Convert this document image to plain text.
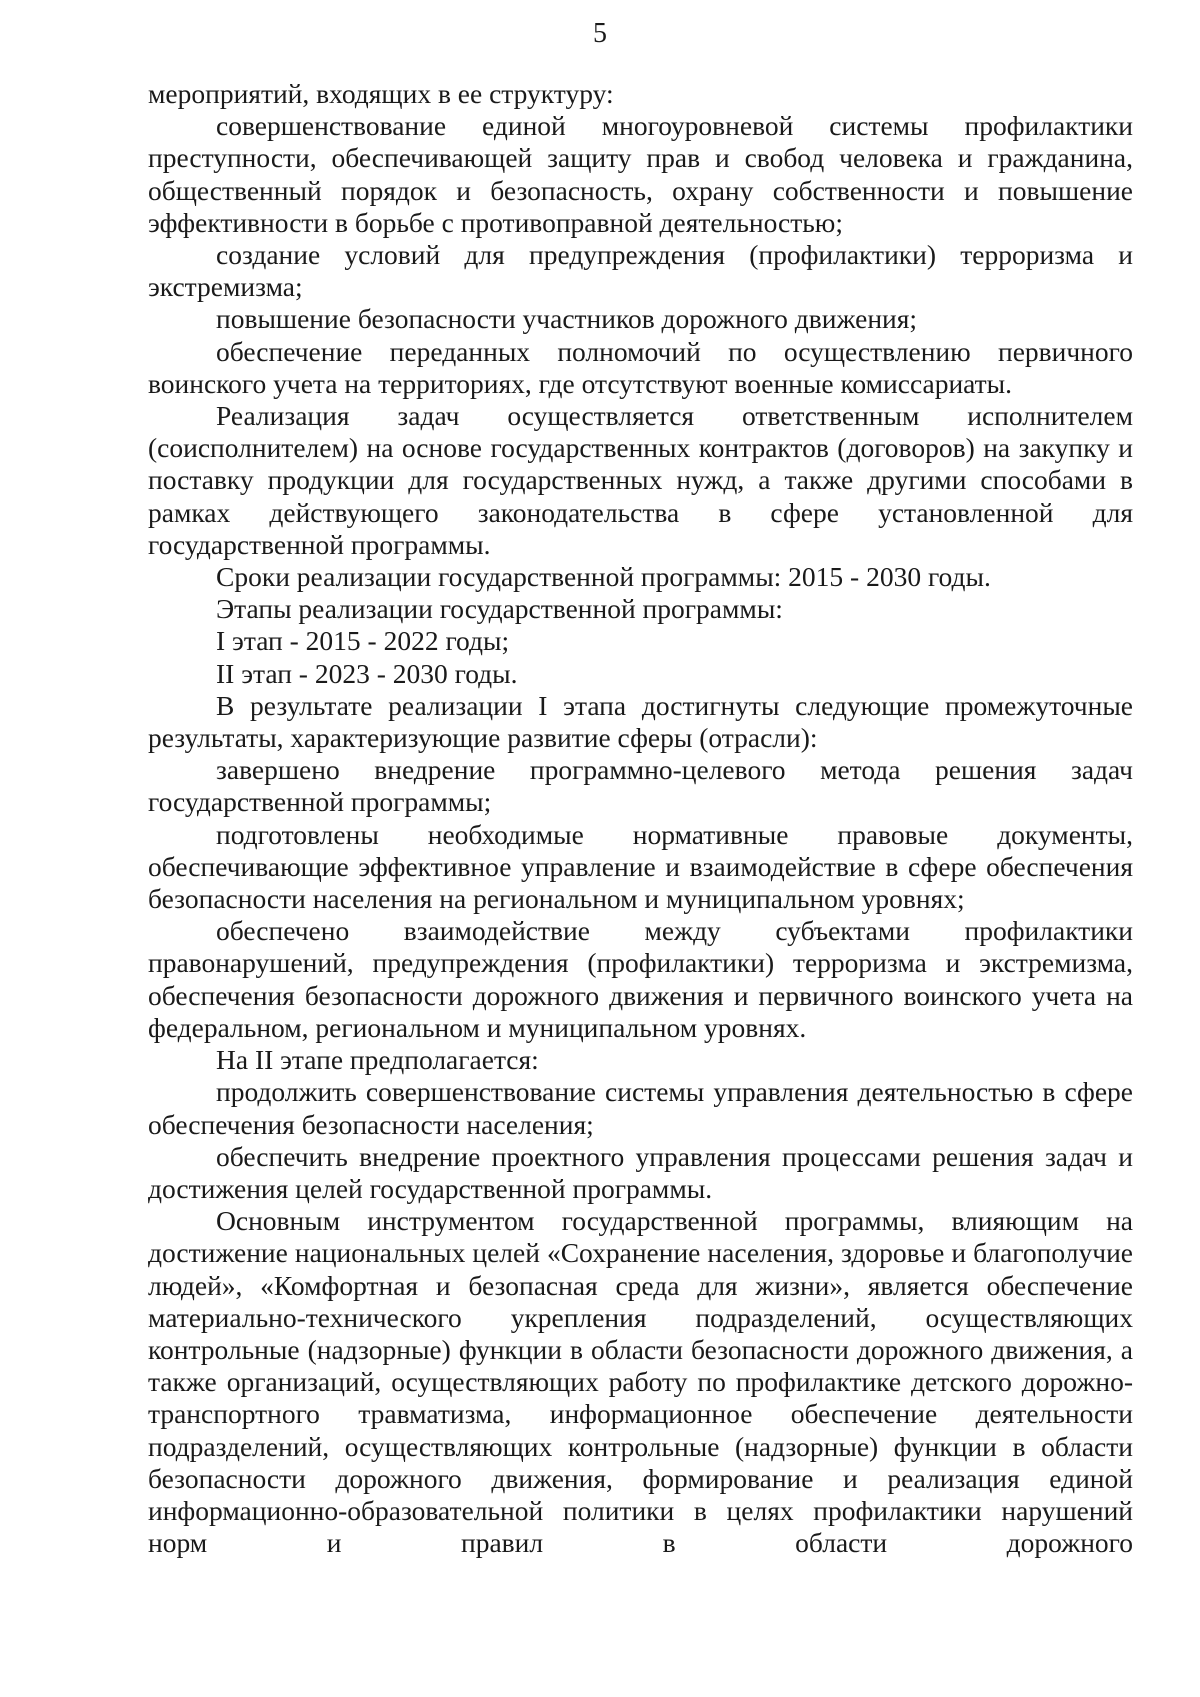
5

мероприятий, входящих в ее структуру:

совершенствование единой многоуровневой системы профилактики преступности, обеспечивающей защиту прав и свобод человека и гражданина, общественный порядок и безопасность, охрану собственности и повышение эффективности в борьбе с противоправной деятельностью;

создание условий для предупреждения (профилактики) терроризма и экстремизма;

повышение безопасности участников дорожного движения;

обеспечение переданных полномочий по осуществлению первичного воинского учета на территориях, где отсутствуют военные комиссариаты.

Реализация задач осуществляется ответственным исполнителем (соисполнителем) на основе государственных контрактов (договоров) на закупку и поставку продукции для государственных нужд, а также другими способами в рамках действующего законодательства в сфере установленной для государственной программы.

Сроки реализации государственной программы: 2015 - 2030 годы.

Этапы реализации государственной программы:

I этап - 2015 - 2022 годы;

II этап - 2023 - 2030 годы.

В результате реализации I этапа достигнуты следующие промежуточные результаты, характеризующие развитие сферы (отрасли):

завершено внедрение программно-целевого метода решения задач государственной программы;

подготовлены необходимые нормативные правовые документы, обеспечивающие эффективное управление и взаимодействие в сфере обеспечения безопасности населения на региональном и муниципальном уровнях;

обеспечено взаимодействие между субъектами профилактики правонарушений, предупреждения (профилактики) терроризма и экстремизма, обеспечения безопасности дорожного движения и первичного воинского учета на федеральном, региональном и муниципальном уровнях.

На II этапе предполагается:

продолжить совершенствование системы управления деятельностью в сфере обеспечения безопасности населения;

обеспечить внедрение проектного управления процессами решения задач и достижения целей государственной программы.

Основным инструментом государственной программы, влияющим на достижение национальных целей «Сохранение населения, здоровье и благополучие людей», «Комфортная и безопасная среда для жизни», является обеспечение материально-технического укрепления подразделений, осуществляющих контрольные (надзорные) функции в области безопасности дорожного движения, а также организаций, осуществляющих работу по профилактике детского дорожно-транспортного травматизма, информационное обеспечение деятельности подразделений, осуществляющих контрольные (надзорные) функции в области безопасности дорожного движения, формирование и реализация единой информационно-образовательной политики в целях профилактики нарушений норм и правил в области дорожного
